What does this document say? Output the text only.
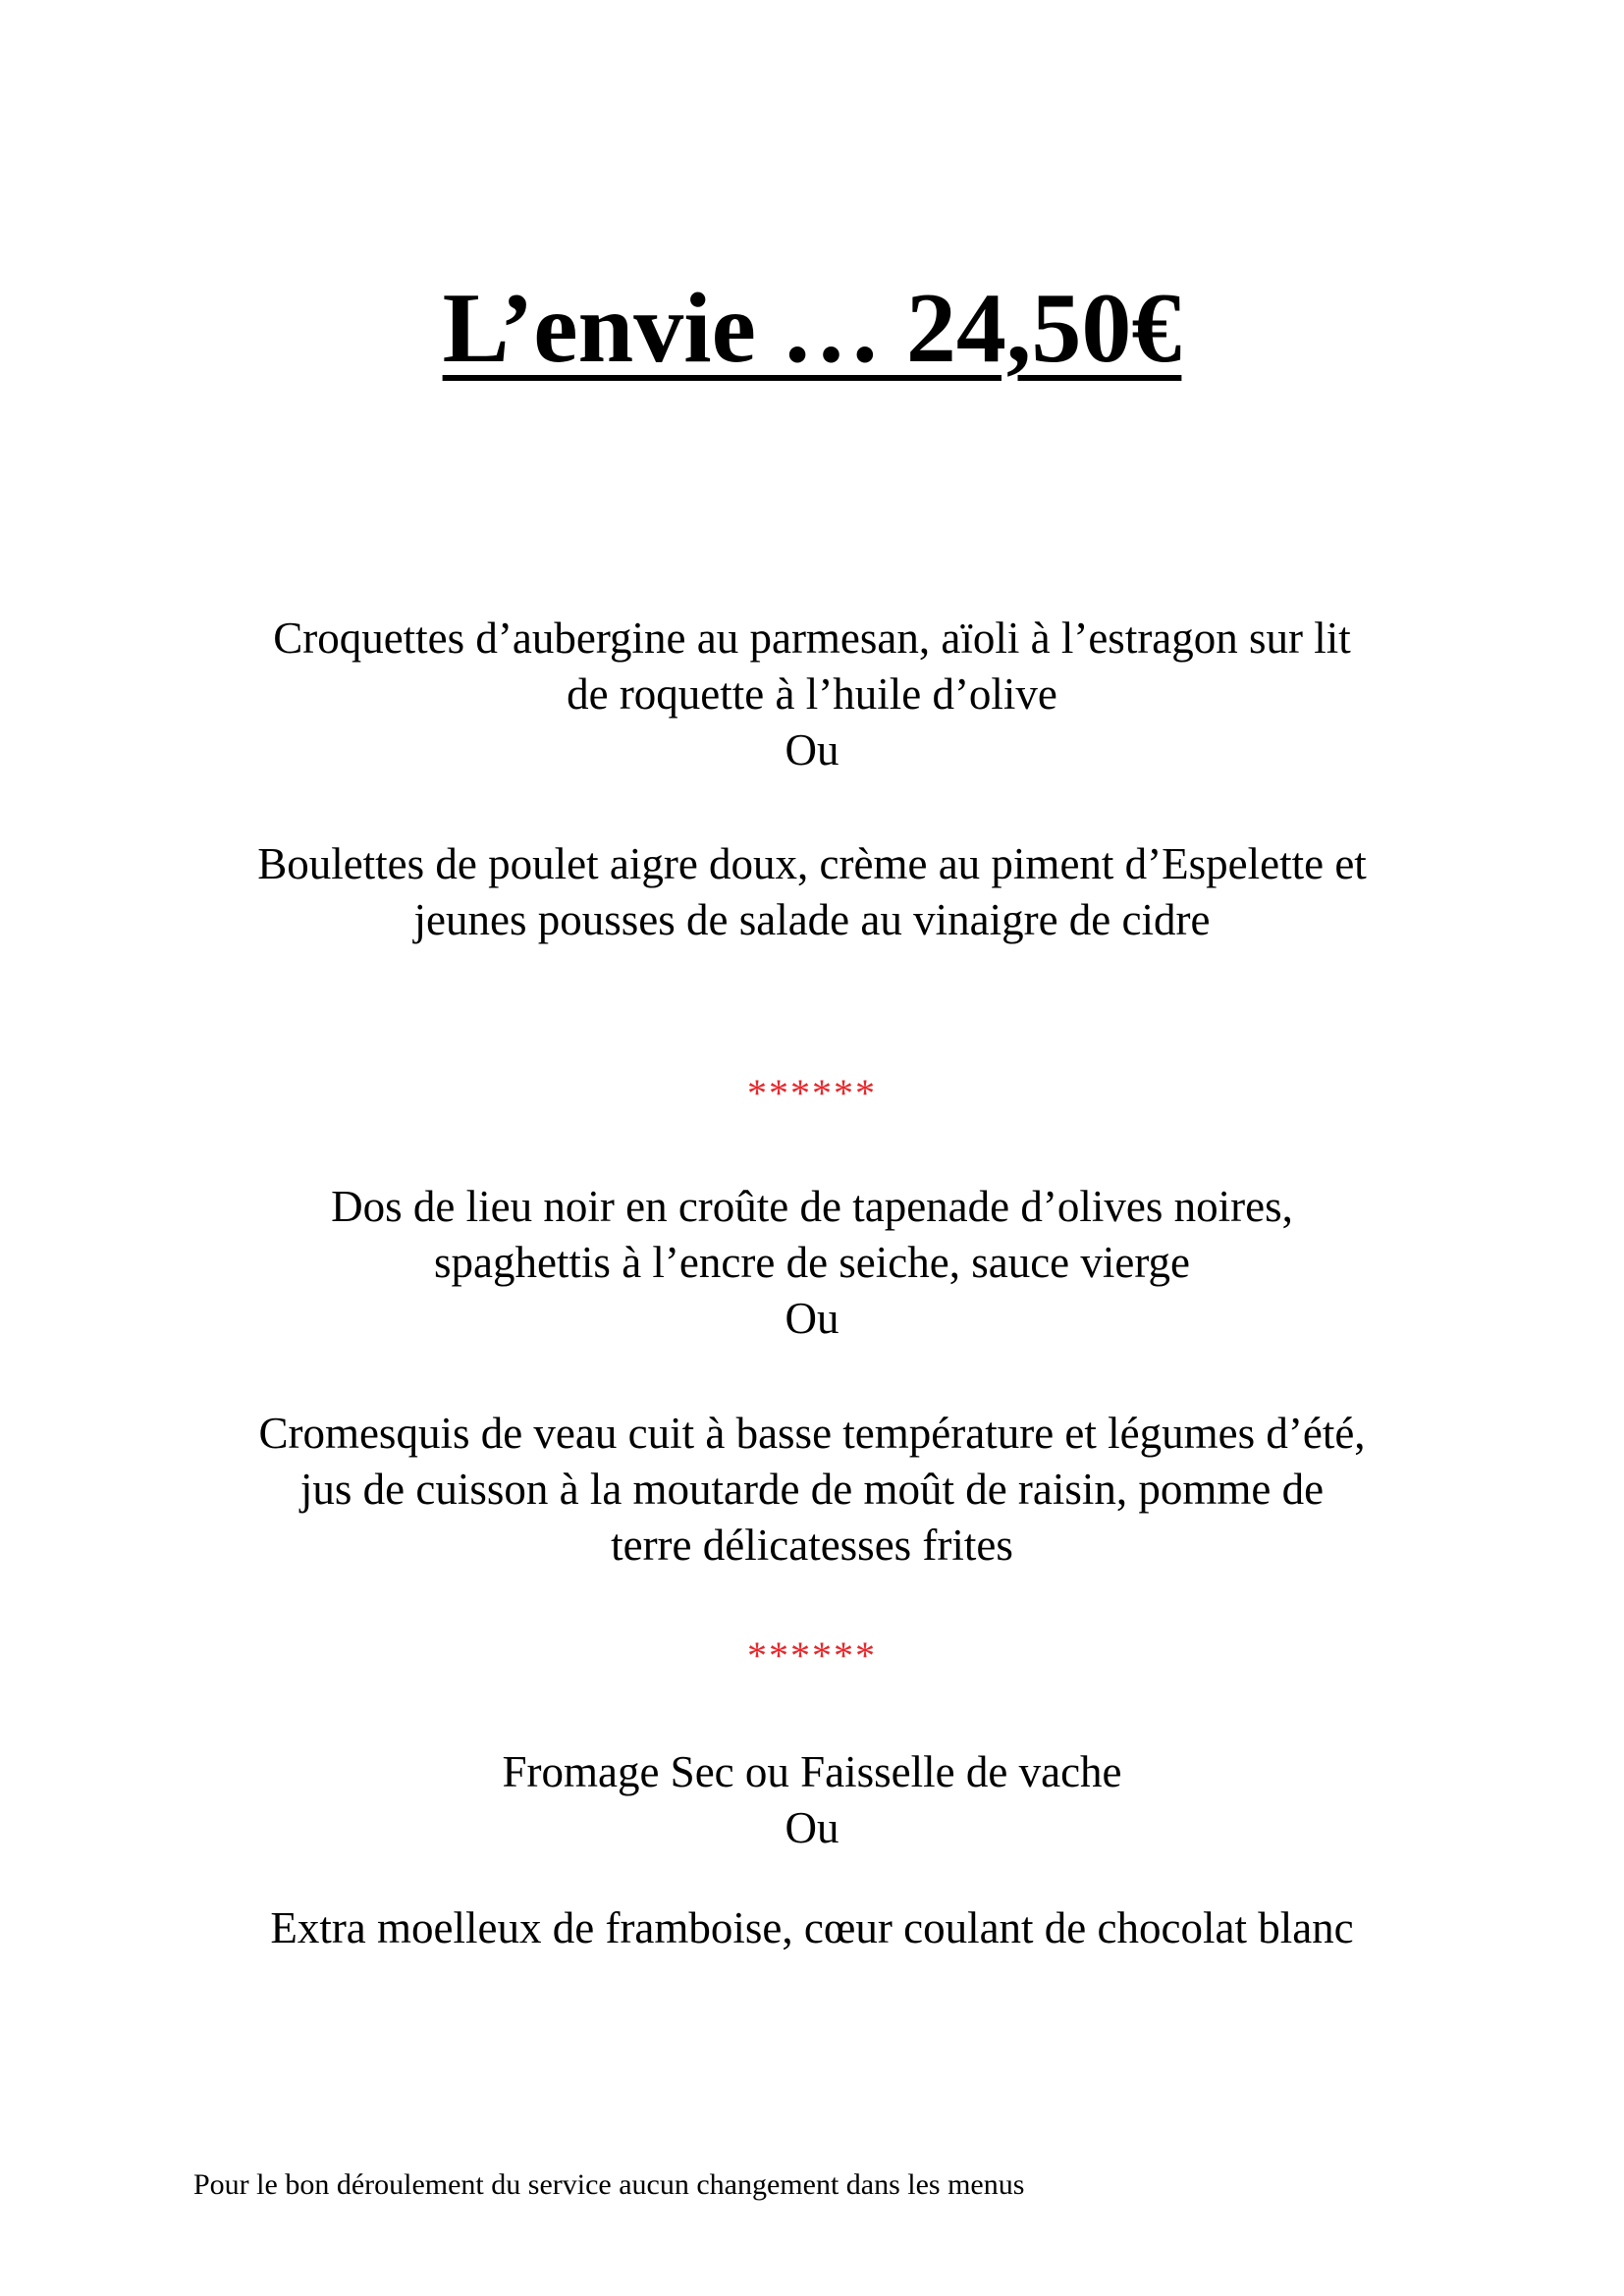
L’envie … 24,50€

Croquettes d’aubergine au parmesan, aïoli à l’estragon sur lit

de roquette à l’huile d’olive

Ou

Boulettes de poulet aigre doux, crème au piment d’Espelette et

jeunes pousses de salade au vinaigre de cidre

******

Dos de lieu noir en croûte de tapenade d’olives noires,

spaghettis à l’encre de seiche, sauce vierge

Ou

Cromesquis de veau cuit à basse température et légumes d’été,

jus de cuisson à la moutarde de moût de raisin, pomme de

terre délicatesses frites

******

Fromage Sec ou Faisselle de vache

Ou

Extra moelleux de framboise, cœur coulant de chocolat blanc

Pour le bon déroulement du service aucun changement dans les menus
